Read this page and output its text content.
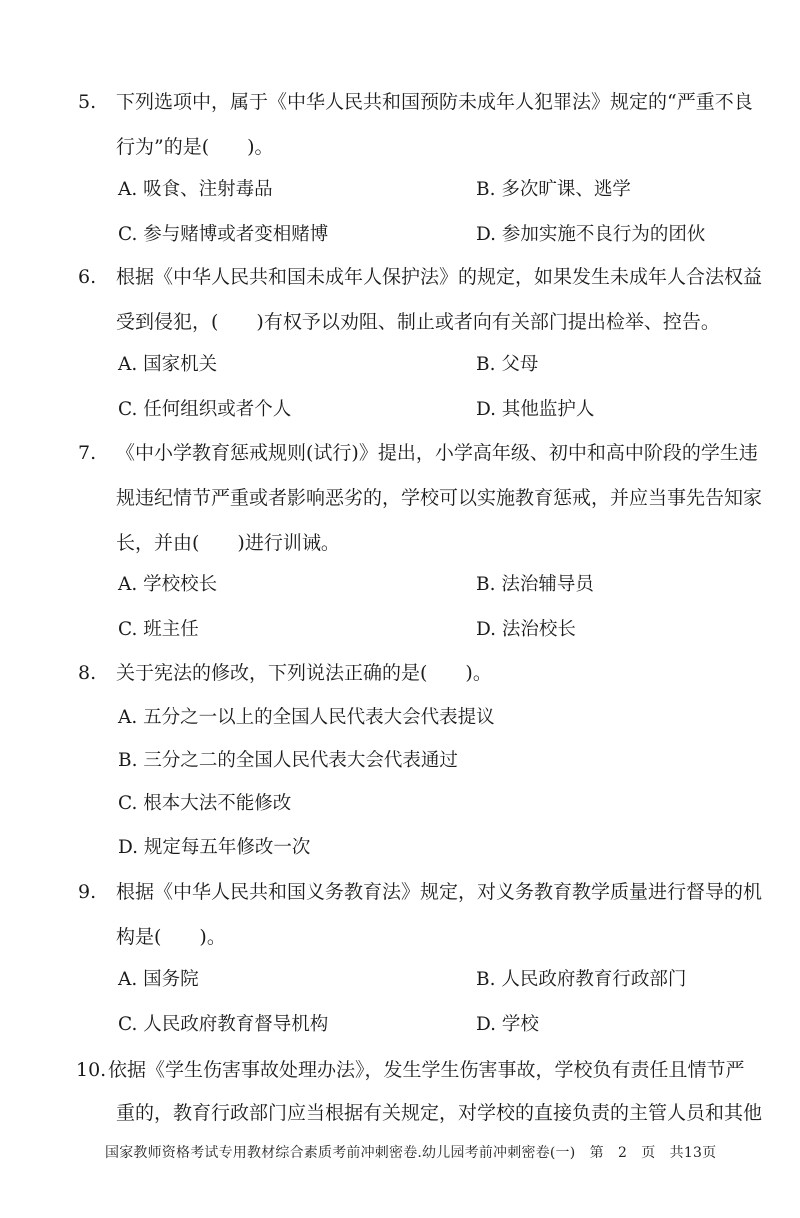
5. 下列选项中，属于《中华人民共和国预防未成年人犯罪法》规定的“严重不良
行为”的是(　　)。
A. 吸食、注射毒品	B. 多次旷课、逃学
C. 参与赌博或者变相赌博	D. 参加实施不良行为的团伙
6. 根据《中华人民共和国未成年人保护法》的规定，如果发生未成年人合法权益
受到侵犯，(　　)有权予以劝阻、制止或者向有关部门提出检举、控告。
A. 国家机关	B. 父母
C. 任何组织或者个人	D. 其他监护人
7. 《中小学教育惩戒规则(试行)》提出，小学高年级、初中和高中阶段的学生违
规违纪情节严重或者影响恶劣的，学校可以实施教育惩戒，并应当事先告知家
长，并由(　　)进行训诫。
A. 学校校长	B. 法治辅导员
C. 班主任	D. 法治校长
8. 关于宪法的修改，下列说法正确的是(　　)。
A. 五分之一以上的全国人民代表大会代表提议
B. 三分之二的全国人民代表大会代表通过
C. 根本大法不能修改
D. 规定每五年修改一次
9. 根据《中华人民共和国义务教育法》规定，对义务教育教学质量进行督导的机
构是(　　)。
A. 国务院	B. 人民政府教育行政部门
C. 人民政府教育督导机构	D. 学校
10. 依据《学生伤害事故处理办法》，发生学生伤害事故，学校负有责任且情节严
重的，教育行政部门应当根据有关规定，对学校的直接负责的主管人员和其他
国家教师资格考试专用教材综合素质考前冲刺密卷.幼儿园考前冲刺密卷(一)　第　2　页　共13页
